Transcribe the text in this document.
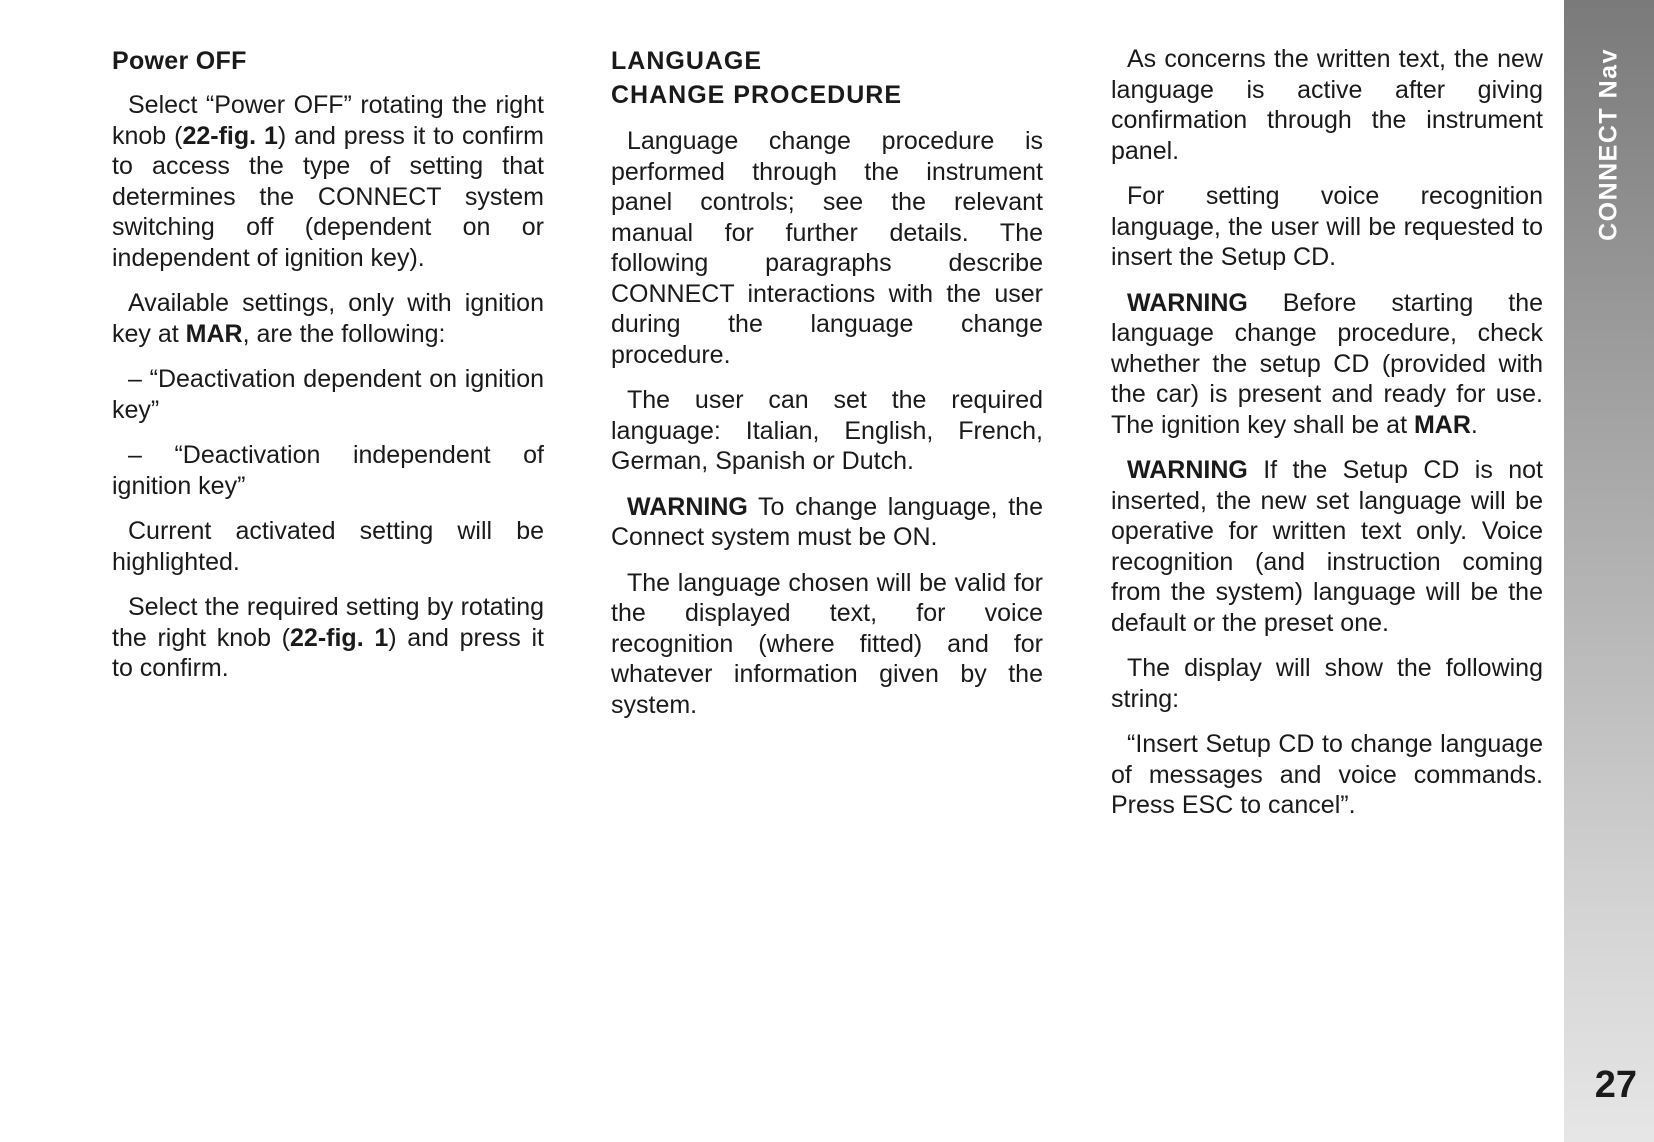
Power OFF

Select “Power OFF” rotating the right knob (22-fig. 1) and press it to confirm to access the type of setting that determines the CONNECT system switching off (dependent on or independent of ignition key).

Available settings, only with ignition key at MAR, are the following:

– “Deactivation dependent on ignition key”

– “Deactivation independent of ignition key”

Current activated setting will be highlighted.

Select the required setting by rotating the right knob (22-fig. 1) and press it to confirm.

LANGUAGE
CHANGE PROCEDURE

Language change procedure is performed through the instrument panel controls; see the relevant manual for further details. The following paragraphs describe CONNECT interactions with the user during the language change procedure.

The user can set the required language: Italian, English, French, German, Spanish or Dutch.

WARNING To change language, the Connect system must be ON.

The language chosen will be valid for the displayed text, for voice recognition (where fitted) and for whatever information given by the system.

As concerns the written text, the new language is active after giving confirmation through the instrument panel.

For setting voice recognition language, the user will be requested to insert the Setup CD.

WARNING Before starting the language change procedure, check whether the setup CD (provided with the car) is present and ready for use. The ignition key shall be at MAR.

WARNING If the Setup CD is not inserted, the new set language will be operative for written text only. Voice recognition (and instruction coming from the system) language will be the default or the preset one.

The display will show the following string:

“Insert Setup CD to change language of messages and voice commands. Press ESC to cancel”.

CONNECT Nav
27
